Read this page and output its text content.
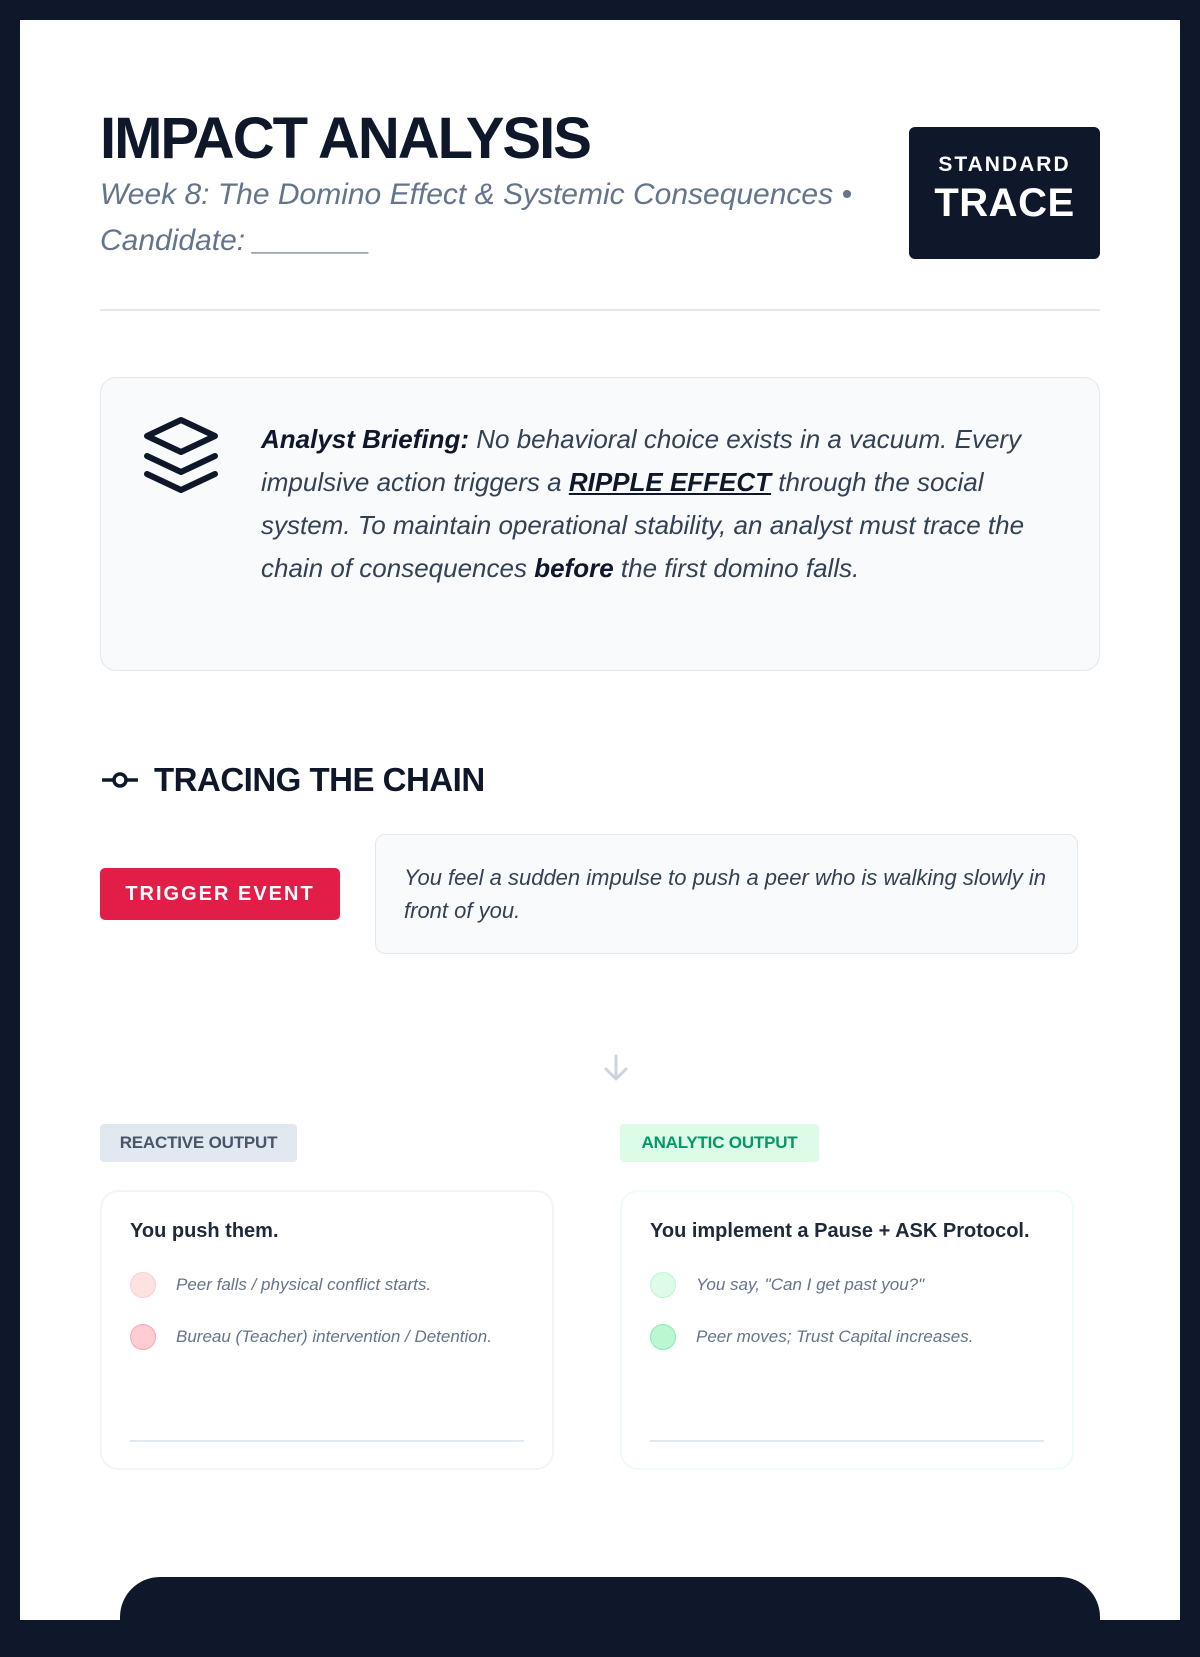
IMPACT ANALYSIS

Week 8: The Domino Effect & Systemic Consequences • Candidate: _______

STANDARD
TRACE
Analyst Briefing: No behavioral choice exists in a vacuum. Every impulsive action triggers a RIPPLE EFFECT through the social system. To maintain operational stability, an analyst must trace the chain of consequences before the first domino falls.
TRACING THE CHAIN
TRIGGER EVENT
You feel a sudden impulse to push a peer who is walking slowly in front of you.
REACTIVE OUTPUT	ANALYTIC OUTPUT
You push them.
Peer falls / physical conflict starts.
Bureau (Teacher) intervention / Detention.
You implement a Pause + ASK Protocol.
You say, "Can I get past you?"
Peer moves; Trust Capital increases.
